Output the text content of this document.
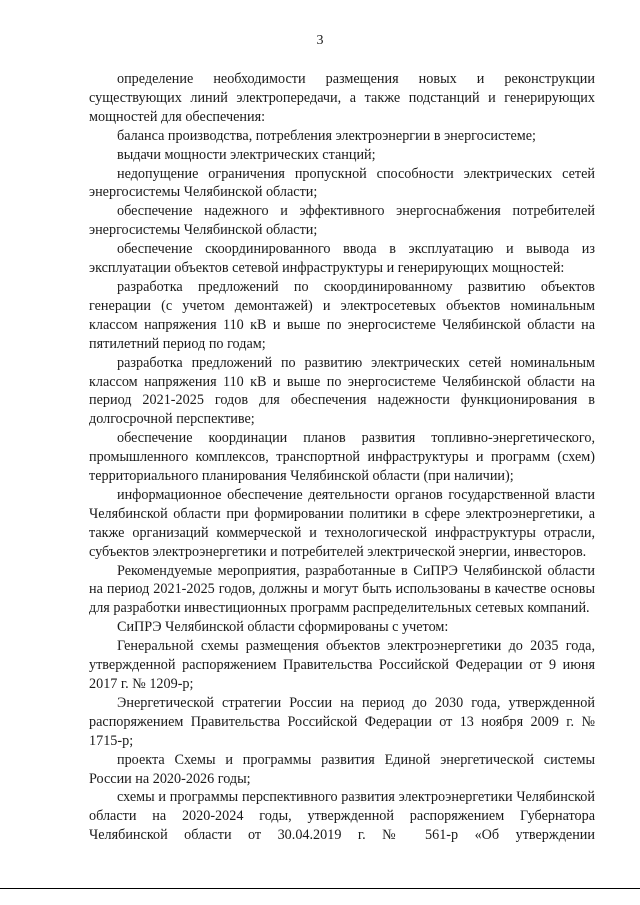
3

определение необходимости размещения новых и реконструкции существующих линий электропередачи, а также подстанций и генерирующих мощностей для обеспечения:

баланса производства, потребления электроэнергии в энергосистеме;

выдачи мощности электрических станций;

недопущение ограничения пропускной способности электрических сетей энергосистемы Челябинской области;

обеспечение надежного и эффективного энергоснабжения потребителей энергосистемы Челябинской области;

обеспечение скоординированного ввода в эксплуатацию и вывода из эксплуатации объектов сетевой инфраструктуры и генерирующих мощностей:

разработка предложений по скоординированному развитию объектов генерации (с учетом демонтажей) и электросетевых объектов номинальным классом напряжения 110 кВ и выше по энергосистеме Челябинской области на пятилетний период по годам;

разработка предложений по развитию электрических сетей номинальным классом напряжения 110 кВ и выше по энергосистеме Челябинской области на период 2021-2025 годов для обеспечения надежности функционирования в долгосрочной перспективе;

обеспечение координации планов развития топливно-энергетического, промышленного комплексов, транспортной инфраструктуры и программ (схем) территориального планирования Челябинской области (при наличии);

информационное обеспечение деятельности органов государственной власти Челябинской области при формировании политики в сфере электроэнергетики, а также организаций коммерческой и технологической инфраструктуры отрасли, субъектов электроэнергетики и потребителей электрической энергии, инвесторов.

Рекомендуемые мероприятия, разработанные в СиПРЭ Челябинской области на период 2021-2025 годов, должны и могут быть использованы в качестве основы для разработки инвестиционных программ распределительных сетевых компаний.

СиПРЭ Челябинской области сформированы с учетом:

Генеральной схемы размещения объектов электроэнергетики до 2035 года, утвержденной распоряжением Правительства Российской Федерации от 9 июня 2017 г. № 1209-р;

Энергетической стратегии России на период до 2030 года, утвержденной распоряжением Правительства Российской Федерации от 13 ноября 2009 г. № 1715-р;

проекта Схемы и программы развития Единой энергетической системы России на 2020-2026 годы;

схемы и программы перспективного развития электроэнергетики Челябинской области на 2020-2024 годы, утвержденной распоряжением Губернатора Челябинской области от 30.04.2019 г. № 561-р «Об утверждении
